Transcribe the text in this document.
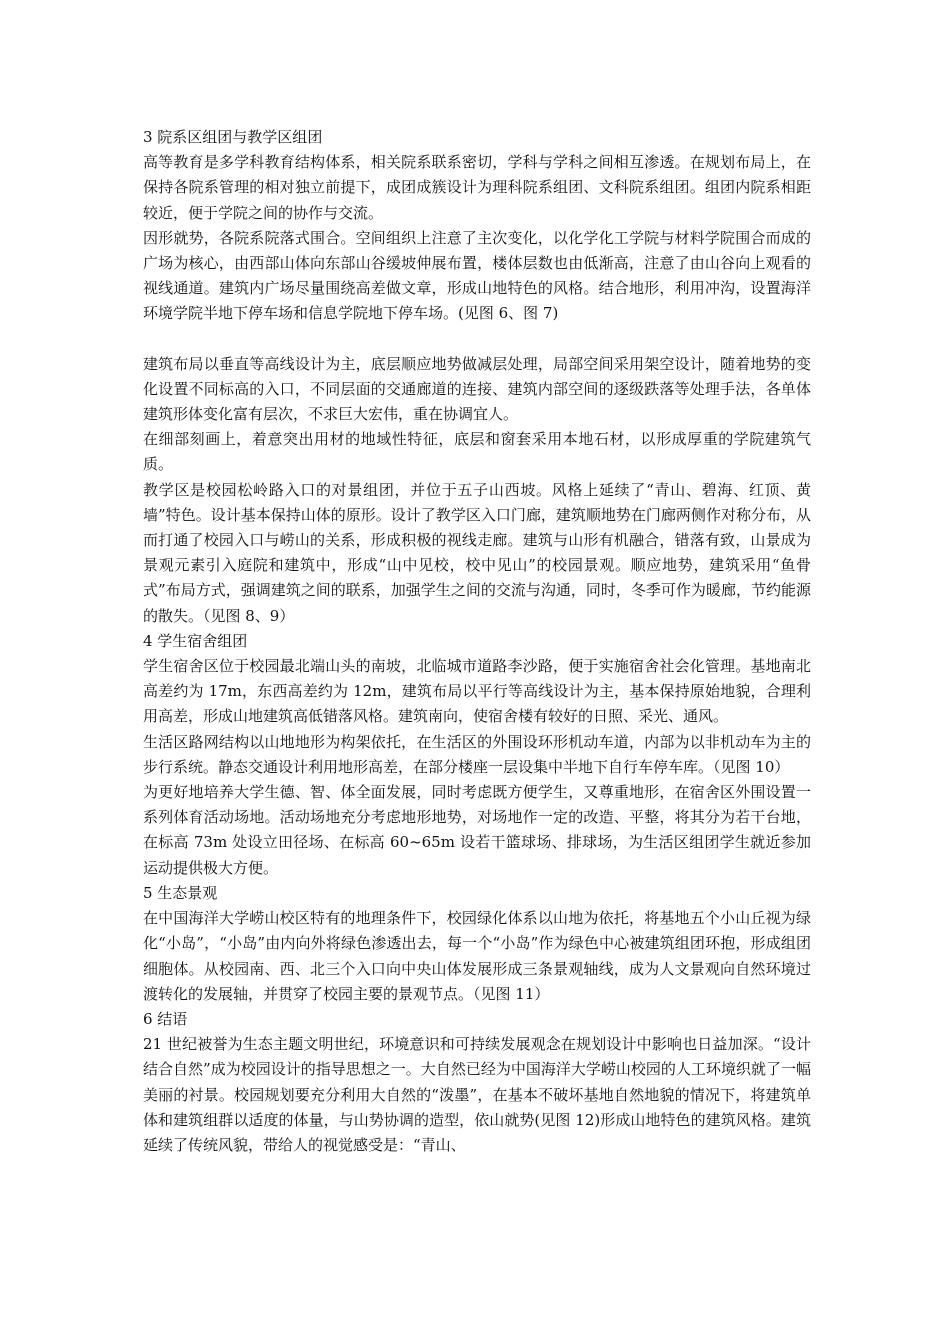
3 院系区组团与教学区组团

高等教育是多学科教育结构体系，相关院系联系密切，学科与学科之间相互渗透。在规划布局上，在保持各院系管理的相对独立前提下，成团成簇设计为理科院系组团、文科院系组团。组团内院系相距较近，便于学院之间的协作与交流。

因形就势，各院系院落式围合。空间组织上注意了主次变化，以化学化工学院与材料学院围合而成的广场为核心，由西部山体向东部山谷缓坡伸展布置，楼体层数也由低渐高，注意了由山谷向上观看的视线通道。建筑内广场尽量围绕高差做文章，形成山地特色的风格。结合地形，利用冲沟，设置海洋环境学院半地下停车场和信息学院地下停车场。(见图 6、图 7)

建筑布局以垂直等高线设计为主，底层顺应地势做减层处理，局部空间采用架空设计，随着地势的变化设置不同标高的入口，不同层面的交通廊道的连接、建筑内部空间的逐级跌落等处理手法，各单体建筑形体变化富有层次，不求巨大宏伟，重在协调宜人。

在细部刻画上，着意突出用材的地域性特征，底层和窗套采用本地石材，以形成厚重的学院建筑气质。

教学区是校园松岭路入口的对景组团，并位于五子山西坡。风格上延续了“青山、碧海、红顶、黄墙”特色。设计基本保持山体的原形。设计了教学区入口门廊，建筑顺地势在门廊两侧作对称分布，从而打通了校园入口与崂山的关系，形成积极的视线走廊。建筑与山形有机融合，错落有致，山景成为景观元素引入庭院和建筑中，形成“山中见校，校中见山”的校园景观。顺应地势，建筑采用“鱼骨式”布局方式，强调建筑之间的联系，加强学生之间的交流与沟通，同时，冬季可作为暖廊，节约能源的散失。（见图 8、9）

4 学生宿舍组团

学生宿舍区位于校园最北端山头的南坡，北临城市道路李沙路，便于实施宿舍社会化管理。基地南北高差约为 17m，东西高差约为 12m，建筑布局以平行等高线设计为主，基本保持原始地貌，合理利用高差，形成山地建筑高低错落风格。建筑南向，使宿舍楼有较好的日照、采光、通风。

生活区路网结构以山地地形为构架依托，在生活区的外围设环形机动车道，内部为以非机动车为主的步行系统。静态交通设计利用地形高差，在部分楼座一层设集中半地下自行车停车库。（见图 10）

为更好地培养大学生德、智、体全面发展，同时考虑既方便学生，又尊重地形，在宿舍区外围设置一系列体育活动场地。活动场地充分考虑地形地势，对场地作一定的改造、平整，将其分为若干台地，在标高 73m 处设立田径场、在标高 60~65m 设若干篮球场、排球场，为生活区组团学生就近参加运动提供极大方便。

5 生态景观

在中国海洋大学崂山校区特有的地理条件下，校园绿化体系以山地为依托，将基地五个小山丘视为绿化“小岛”，“小岛”由内向外将绿色渗透出去，每一个“小岛”作为绿色中心被建筑组团环抱，形成组团细胞体。从校园南、西、北三个入口向中央山体发展形成三条景观轴线，成为人文景观向自然环境过渡转化的发展轴，并贯穿了校园主要的景观节点。（见图 11）

6 结语

21 世纪被誉为生态主题文明世纪，环境意识和可持续发展观念在规划设计中影响也日益加深。“设计结合自然”成为校园设计的指导思想之一。大自然已经为中国海洋大学崂山校园的人工环境织就了一幅美丽的衬景。校园规划要充分利用大自然的“泼墨”，在基本不破坏基地自然地貌的情况下，将建筑单体和建筑组群以适度的体量，与山势协调的造型，依山就势(见图 12)形成山地特色的建筑风格。建筑延续了传统风貌，带给人的视觉感受是：“青山、
